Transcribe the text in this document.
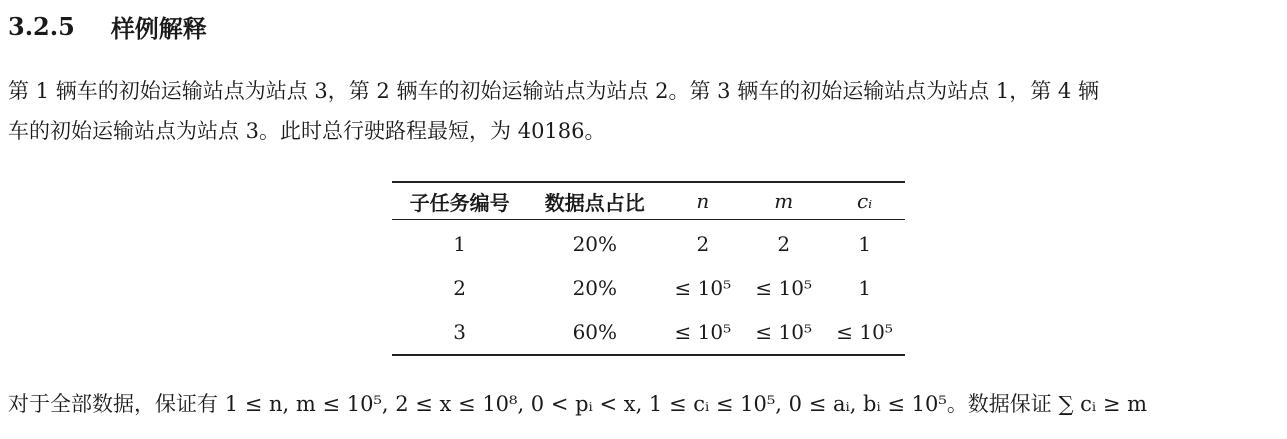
3.2.5 样例解释
第 1 辆车的初始运输站点为站点 3，第 2 辆车的初始运输站点为站点 2。第 3 辆车的初始运输站点为站点 1，第 4 辆
车的初始运输站点为站点 3。此时总行驶路程最短，为 40186。
子任务编号	数据点占比	n	m	cᵢ
1	20%	2	2	1
2	20%	≤ 10⁵	≤ 10⁵	1
3	60%	≤ 10⁵	≤ 10⁵	≤ 10⁵
对于全部数据，保证有 1 ≤ n, m ≤ 10⁵, 2 ≤ x ≤ 10⁸, 0 < pᵢ < x, 1 ≤ cᵢ ≤ 10⁵, 0 ≤ aᵢ, bᵢ ≤ 10⁵。数据保证 ∑ cᵢ ≥ m
